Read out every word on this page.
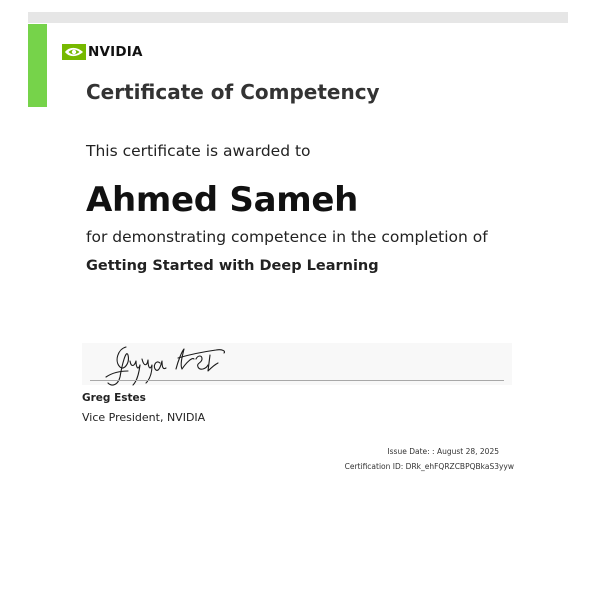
NVIDIA
Certificate of Competency
This certificate is awarded to
Ahmed Sameh
for demonstrating competence in the completion of
Getting Started with Deep Learning
Greg Estes
Vice President, NVIDIA
Issue Date: : August 28, 2025
Certification ID: DRk_ehFQRZCBPQBkaS3yyw
